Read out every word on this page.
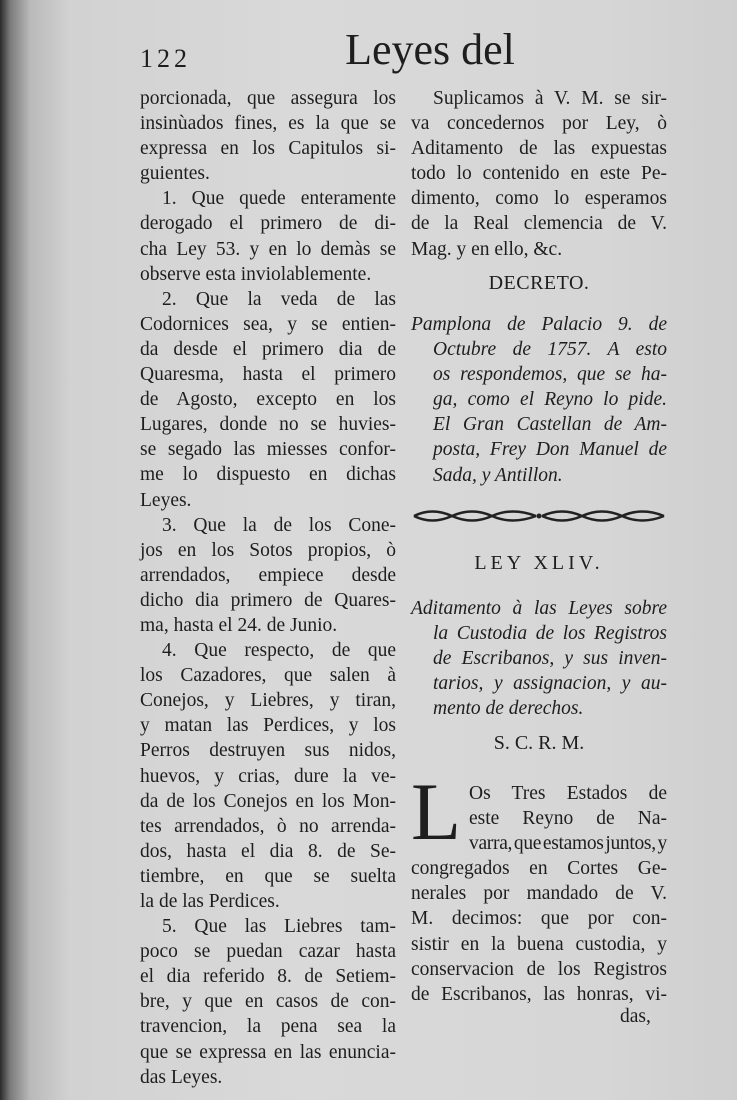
122	Leyes del
porcionada, que assegura los
insinùados fines, es la que se
expressa en los Capitulos si-
guientes.
1. Que quede enteramente
derogado el primero de di-
cha Ley 53. y en lo demàs se
observe esta inviolablemente.
2. Que la veda de las
Codornices sea, y se entien-
da desde el primero dia de
Quaresma, hasta el primero
de Agosto, excepto en los
Lugares, donde no se huvies-
se segado las miesses confor-
me lo dispuesto en dichas
Leyes.
3. Que la de los Cone-
jos en los Sotos propios, ò
arrendados, empiece desde
dicho dia primero de Quares-
ma, hasta el 24. de Junio.
4. Que respecto, de que
los Cazadores, que salen à
Conejos, y Liebres, y tiran,
y matan las Perdices, y los
Perros destruyen sus nidos,
huevos, y crias, dure la ve-
da de los Conejos en los Mon-
tes arrendados, ò no arrenda-
dos, hasta el dia 8. de Se-
tiembre, en que se suelta
la de las Perdices.
5. Que las Liebres tam-
poco se puedan cazar hasta
el dia referido 8. de Setiem-
bre, y que en casos de con-
travencion, la pena sea la
que se expressa en las enuncia-
das Leyes.
Suplicamos à V. M. se sir-
va concedernos por Ley, ò
Aditamento de las expuestas
todo lo contenido en este Pe-
dimento, como lo esperamos
de la Real clemencia de V.
Mag. y en ello, &c.
DECRETO.
Pamplona de Palacio 9. de
Octubre de 1757. A esto
os respondemos, que se ha-
ga, como el Reyno lo pide.
El Gran Castellan de Am-
posta, Frey Don Manuel de
Sada, y Antillon.
LEY XLIV.
Aditamento à las Leyes sobre
la Custodia de los Registros
de Escribanos, y sus inven-
tarios, y assignacion, y au-
mento de derechos.
S. C. R. M.
L Os Tres Estados de
este Reyno de Na-
varra, que estamos juntos, y
congregados en Cortes Ge-
nerales por mandado de V.
M. decimos: que por con-
sistir en la buena custodia, y
conservacion de los Registros
de Escribanos, las honras, vi-
das,
